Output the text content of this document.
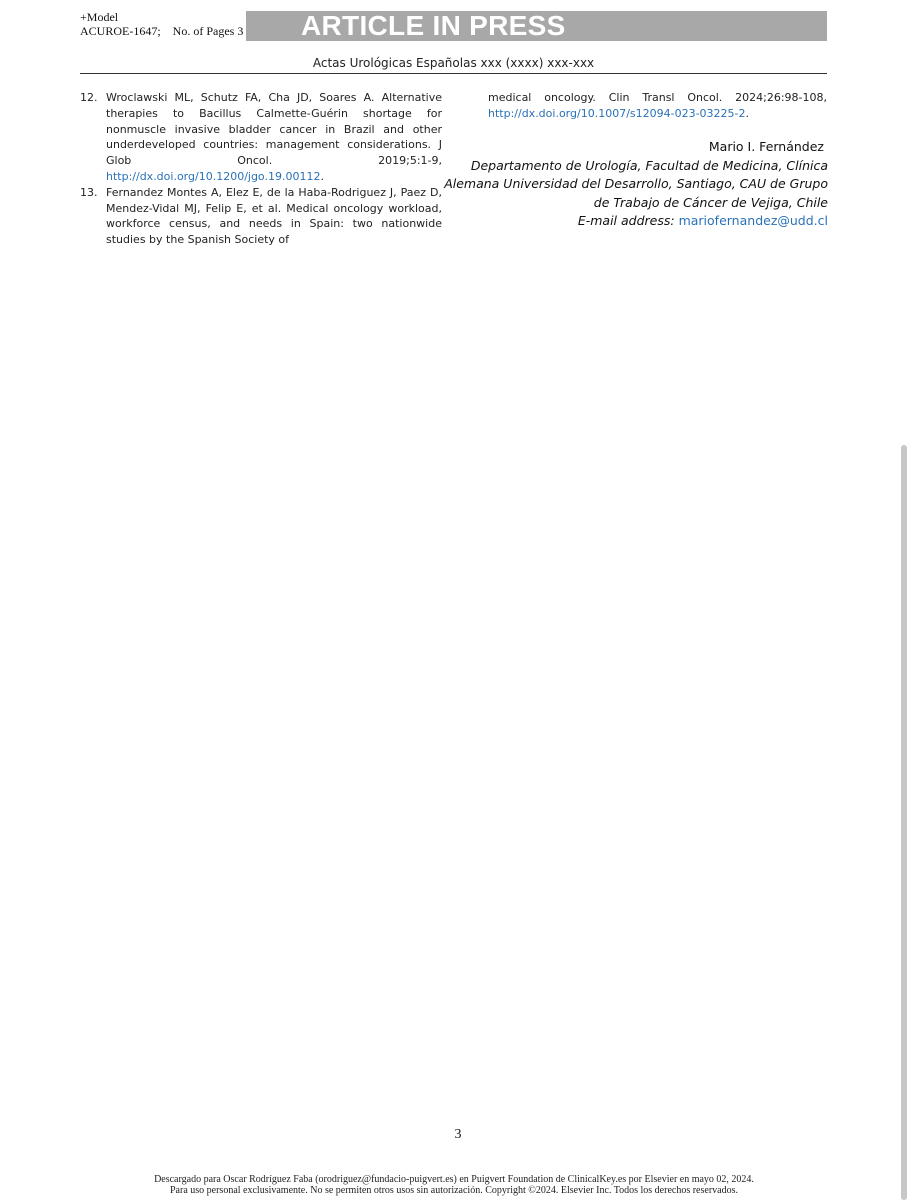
+Model
ACUROE-1647;    No. of Pages 3	ARTICLE IN PRESS
Actas Urológicas Españolas xxx (xxxx) xxx-xxx
12. Wroclawski ML, Schutz FA, Cha JD, Soares A. Alternative therapies to Bacillus Calmette-Guérin shortage for nonmuscle invasive bladder cancer in Brazil and other underdeveloped countries: management considerations. J Glob Oncol. 2019;5:1-9, http://dx.doi.org/10.1200/jgo.19.00112.
13. Fernandez Montes A, Elez E, de la Haba-Rodriguez J, Paez D, Mendez-Vidal MJ, Felip E, et al. Medical oncology workload, workforce census, and needs in Spain: two nationwide studies by the Spanish Society of
medical oncology. Clin Transl Oncol. 2024;26:98-108, http://dx.doi.org/10.1007/s12094-023-03225-2.
Mario I. Fernández
Departamento de Urología, Facultad de Medicina, Clínica Alemana Universidad del Desarrollo, Santiago, CAU de Grupo de Trabajo de Cáncer de Vejiga, Chile
E-mail address: mariofernandez@udd.cl
3
Descargado para Oscar Rodríguez Faba (orodriguez@fundacio-puigvert.es) en Puigvert Foundation de ClinicalKey.es por Elsevier en mayo 02, 2024.
Para uso personal exclusivamente. No se permiten otros usos sin autorización. Copyright ©2024. Elsevier Inc. Todos los derechos reservados.
